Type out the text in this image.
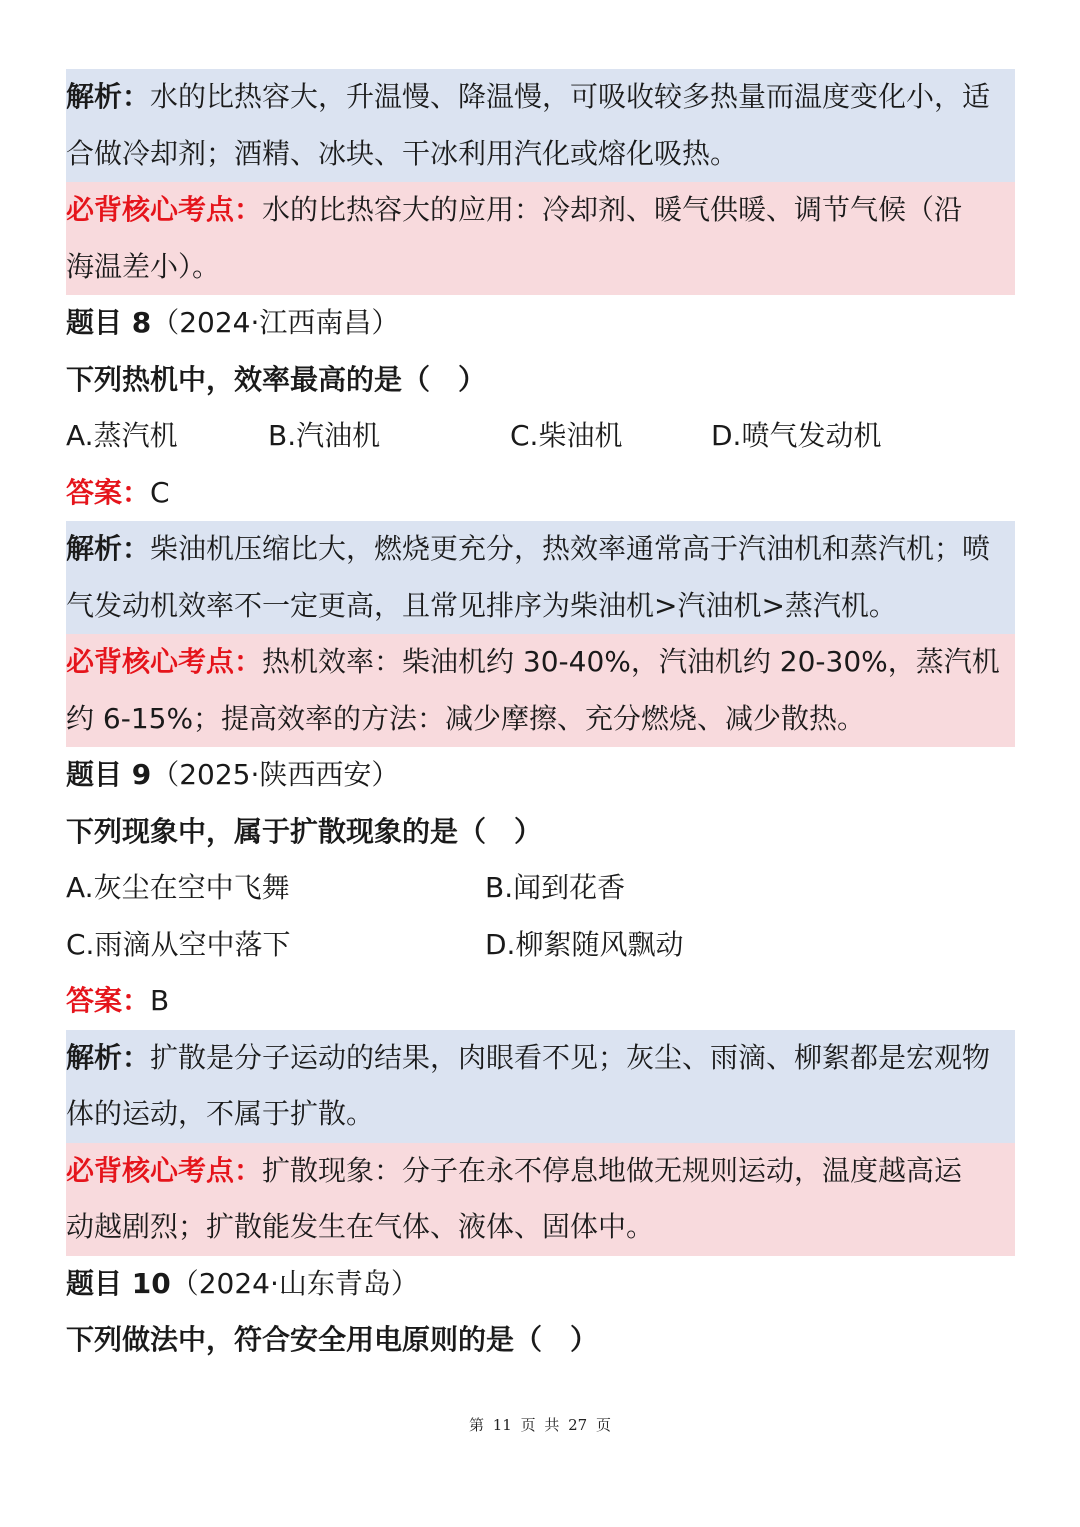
解析：水的比热容大，升温慢、降温慢，可吸收较多热量而温度变化小，适
合做冷却剂；酒精、冰块、干冰利用汽化或熔化吸热。
必背核心考点：水的比热容大的应用：冷却剂、暖气供暖、调节气候（沿
海温差小）。
题目 8（2024·江西南昌）
下列热机中，效率最高的是（　）
A.蒸汽机	B.汽油机	C.柴油机	D.喷气发动机
答案：C
解析：柴油机压缩比大，燃烧更充分，热效率通常高于汽油机和蒸汽机；喷
气发动机效率不一定更高，且常见排序为柴油机>汽油机>蒸汽机。
必背核心考点：热机效率：柴油机约 30-40%，汽油机约 20-30%，蒸汽机
约 6-15%；提高效率的方法：减少摩擦、充分燃烧、减少散热。
题目 9（2025·陕西西安）
下列现象中，属于扩散现象的是（　）
A.灰尘在空中飞舞	B.闻到花香
C.雨滴从空中落下	D.柳絮随风飘动
答案：B
解析：扩散是分子运动的结果，肉眼看不见；灰尘、雨滴、柳絮都是宏观物
体的运动，不属于扩散。
必背核心考点：扩散现象：分子在永不停息地做无规则运动，温度越高运
动越剧烈；扩散能发生在气体、液体、固体中。
题目 10（2024·山东青岛）
下列做法中，符合安全用电原则的是（　）
第 11 页 共 27 页
